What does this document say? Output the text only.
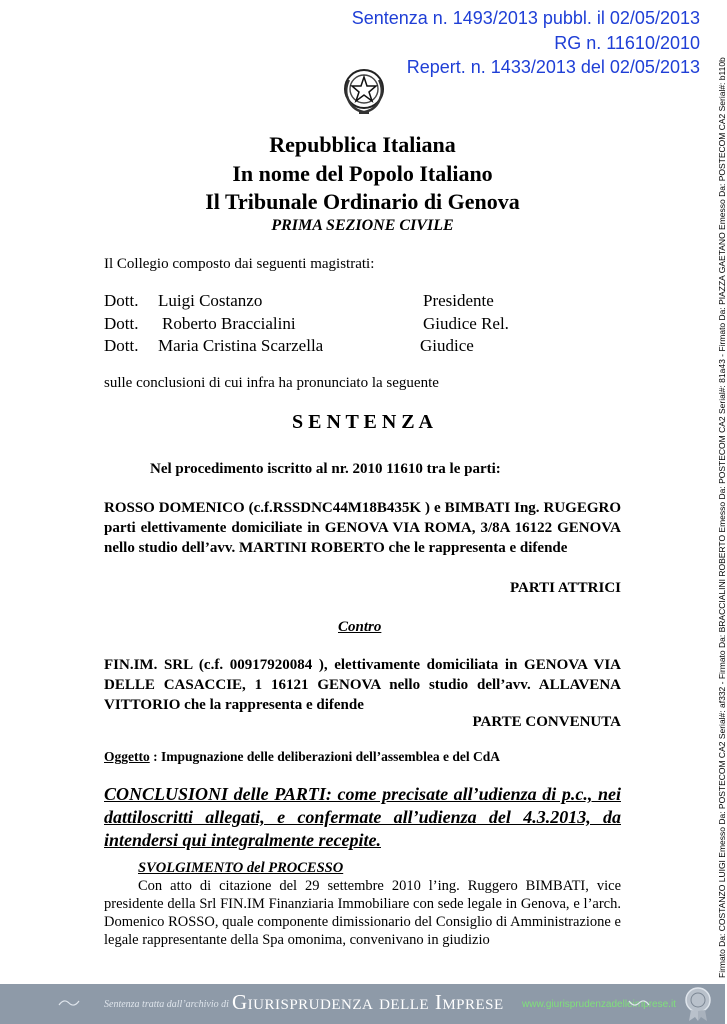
Sentenza n. 1493/2013 pubbl. il 02/05/2013
RG n. 11610/2010
Repert. n. 1433/2013 del 02/05/2013
Repubblica Italiana
In nome del Popolo Italiano
Il Tribunale Ordinario di Genova
PRIMA SEZIONE CIVILE
Il Collegio composto dai seguenti magistrati:
Dott. Luigi Costanzo	Presidente
Dott. Roberto Braccialini	Giudice Rel.
Dott. Maria Cristina Scarzella	Giudice
sulle conclusioni di cui infra ha pronunciato la seguente
S E N T E N Z A
Nel procedimento iscritto al nr. 2010 11610 tra le parti:
ROSSO DOMENICO (c.f.RSSDNC44M18B435K ) e BIMBATI Ing. RUGEGRO parti elettivamente domiciliate in GENOVA VIA ROMA, 3/8A 16122 GENOVA nello studio dell’avv. MARTINI ROBERTO che le rappresenta e difende
PARTI ATTRICI
Contro
FIN.IM. SRL (c.f. 00917920084 ), elettivamente domiciliata in GENOVA VIA DELLE CASACCIE, 1 16121 GENOVA nello studio dell’avv. ALLAVENA VITTORIO che la rappresenta e difende
PARTE CONVENUTA
Oggetto : Impugnazione delle deliberazioni dell’assemblea e del CdA
CONCLUSIONI delle PARTI: come precisate all’udienza di p.c., nei dattiloscritti allegati, e confermate all’udienza del 4.3.2013, da intendersi qui integralmente recepite.
SVOLGIMENTO del PROCESSO
Con atto di citazione del 29 settembre 2010 l’ing. Ruggero BIMBATI, vice presidente della Srl FIN.IM Finanziaria Immobiliare con sede legale in Genova, e l’arch. Domenico ROSSO, quale componente dimissionario del Consiglio di Amministrazione e legale rappresentante della Spa omonima, convenivano in giudizio	Firmato Da: COSTANZO LUIGI Emesso Da: POSTECOM CA2 Serial#: af332 - Firmato Da: BRACCIALINI ROBERTO Emesso Da: POSTECOM CA2 Serial#: 81a43 - Firmato Da: PIAZZA GAETANO Emesso Da: POSTECOM CA2 Serial#: b110b
Sentenza tratta dall’archivio di Giurisprudenza delle Imprese www.giurisprudenzadelleimprese.it
